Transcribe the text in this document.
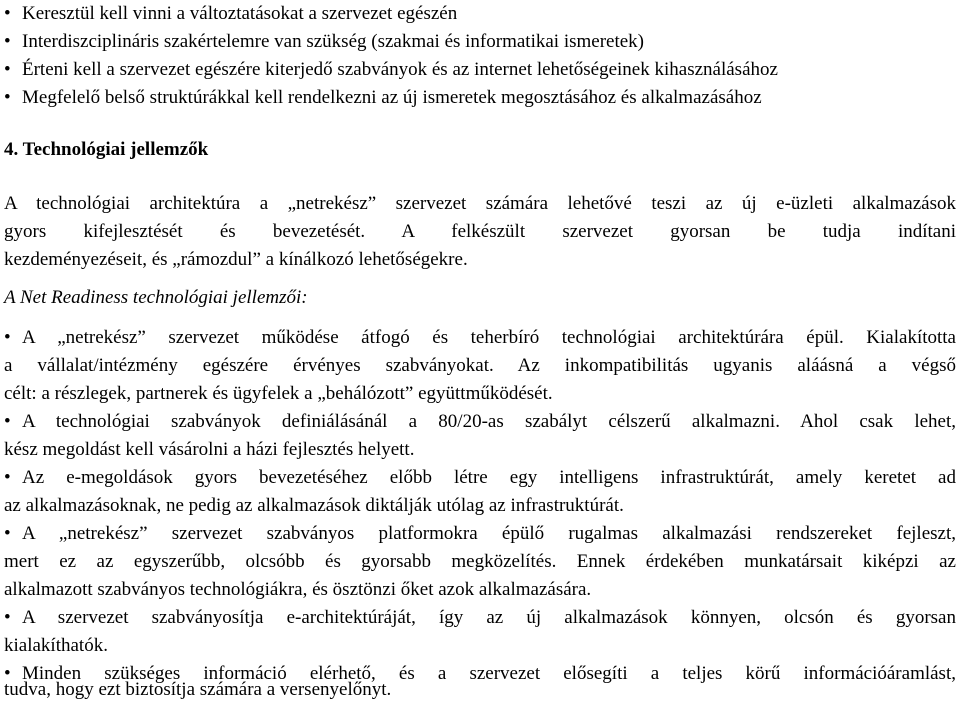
• Keresztül kell vinni a változtatásokat a szervezet egészén
• Interdiszciplináris szakértelemre van szükség (szakmai és informatikai ismeretek)
• Érteni kell a szervezet egészére kiterjedő szabványok és az internet lehetőségeinek kihasználásához
• Megfelelő belső struktúrákkal kell rendelkezni az új ismeretek megosztásához és alkalmazásához
4. Technológiai jellemzők
A technológiai architektúra a „netrekész” szervezet számára lehetővé teszi az új e-üzleti alkalmazások
gyors kifejlesztését és bevezetését. A felkészült szervezet gyorsan be tudja indítani
kezdeményezéseit, és „rámozdul” a kínálkozó lehetőségekre.
A Net Readiness technológiai jellemzői:
• A „netrekész” szervezet működése átfogó és teherbíró technológiai architektúrára épül. Kialakította
a vállalat/intézmény egészére érvényes szabványokat. Az inkompatibilitás ugyanis aláásná a végső
célt: a részlegek, partnerek és ügyfelek a „behálózott” együttműködését.
• A technológiai szabványok definiálásánál a 80/20-as szabályt célszerű alkalmazni. Ahol csak lehet,
kész megoldást kell vásárolni a házi fejlesztés helyett.
• Az e-megoldások gyors bevezetéséhez előbb létre egy intelligens infrastruktúrát, amely keretet ad
az alkalmazásoknak, ne pedig az alkalmazások diktálják utólag az infrastruktúrát.
• A „netrekész” szervezet szabványos platformokra épülő rugalmas alkalmazási rendszereket fejleszt,
mert ez az egyszerűbb, olcsóbb és gyorsabb megközelítés. Ennek érdekében munkatársait kiképzi az
alkalmazott szabványos technológiákra, és ösztönzi őket azok alkalmazására.
• A szervezet szabványosítja e-architektúráját, így az új alkalmazások könnyen, olcsón és gyorsan
kialakíthatók.
• Minden szükséges információ elérhető, és a szervezet elősegíti a teljes körű információáramlást,
tudva, hogy ezt biztosítja számára a versenyelőnyt.
